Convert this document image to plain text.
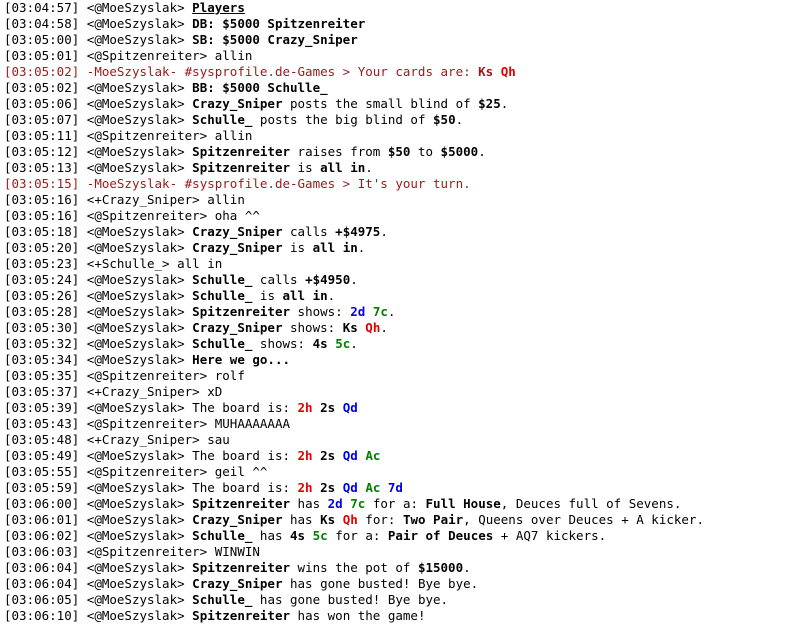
[03:04:57] <@MoeSzyslak> Players
[03:04:58] <@MoeSzyslak> DB: $5000 Spitzenreiter
[03:05:00] <@MoeSzyslak> SB: $5000 Crazy_Sniper
[03:05:01] <@Spitzenreiter> allin
[03:05:02] -MoeSzyslak- #sysprofile.de-Games > Your cards are: Ks Qh
[03:05:02] <@MoeSzyslak> BB: $5000 Schulle_
[03:05:06] <@MoeSzyslak> Crazy_Sniper posts the small blind of $25.
[03:05:07] <@MoeSzyslak> Schulle_ posts the big blind of $50.
[03:05:11] <@Spitzenreiter> allin
[03:05:12] <@MoeSzyslak> Spitzenreiter raises from $50 to $5000.
[03:05:13] <@MoeSzyslak> Spitzenreiter is all in.
[03:05:15] -MoeSzyslak- #sysprofile.de-Games > It's your turn.
[03:05:16] <+Crazy_Sniper> allin
[03:05:16] <@Spitzenreiter> oha ^^
[03:05:18] <@MoeSzyslak> Crazy_Sniper calls +$4975.
[03:05:20] <@MoeSzyslak> Crazy_Sniper is all in.
[03:05:23] <+Schulle_> all in
[03:05:24] <@MoeSzyslak> Schulle_ calls +$4950.
[03:05:26] <@MoeSzyslak> Schulle_ is all in.
[03:05:28] <@MoeSzyslak> Spitzenreiter shows: 2d 7c.
[03:05:30] <@MoeSzyslak> Crazy_Sniper shows: Ks Qh.
[03:05:32] <@MoeSzyslak> Schulle_ shows: 4s 5c.
[03:05:34] <@MoeSzyslak> Here we go...
[03:05:35] <@Spitzenreiter> rolf
[03:05:37] <+Crazy_Sniper> xD
[03:05:39] <@MoeSzyslak> The board is: 2h 2s Qd
[03:05:43] <@Spitzenreiter> MUHAAAAAAA
[03:05:48] <+Crazy_Sniper> sau
[03:05:49] <@MoeSzyslak> The board is: 2h 2s Qd Ac
[03:05:55] <@Spitzenreiter> geil ^^
[03:05:59] <@MoeSzyslak> The board is: 2h 2s Qd Ac 7d
[03:06:00] <@MoeSzyslak> Spitzenreiter has 2d 7c for a: Full House, Deuces full of Sevens.
[03:06:01] <@MoeSzyslak> Crazy_Sniper has Ks Qh for: Two Pair, Queens over Deuces + A kicker.
[03:06:02] <@MoeSzyslak> Schulle_ has 4s 5c for a: Pair of Deuces + AQ7 kickers.
[03:06:03] <@Spitzenreiter> WINWIN
[03:06:04] <@MoeSzyslak> Spitzenreiter wins the pot of $15000.
[03:06:04] <@MoeSzyslak> Crazy_Sniper has gone busted! Bye bye.
[03:06:05] <@MoeSzyslak> Schulle_ has gone busted! Bye bye.
[03:06:10] <@MoeSzyslak> Spitzenreiter has won the game!
